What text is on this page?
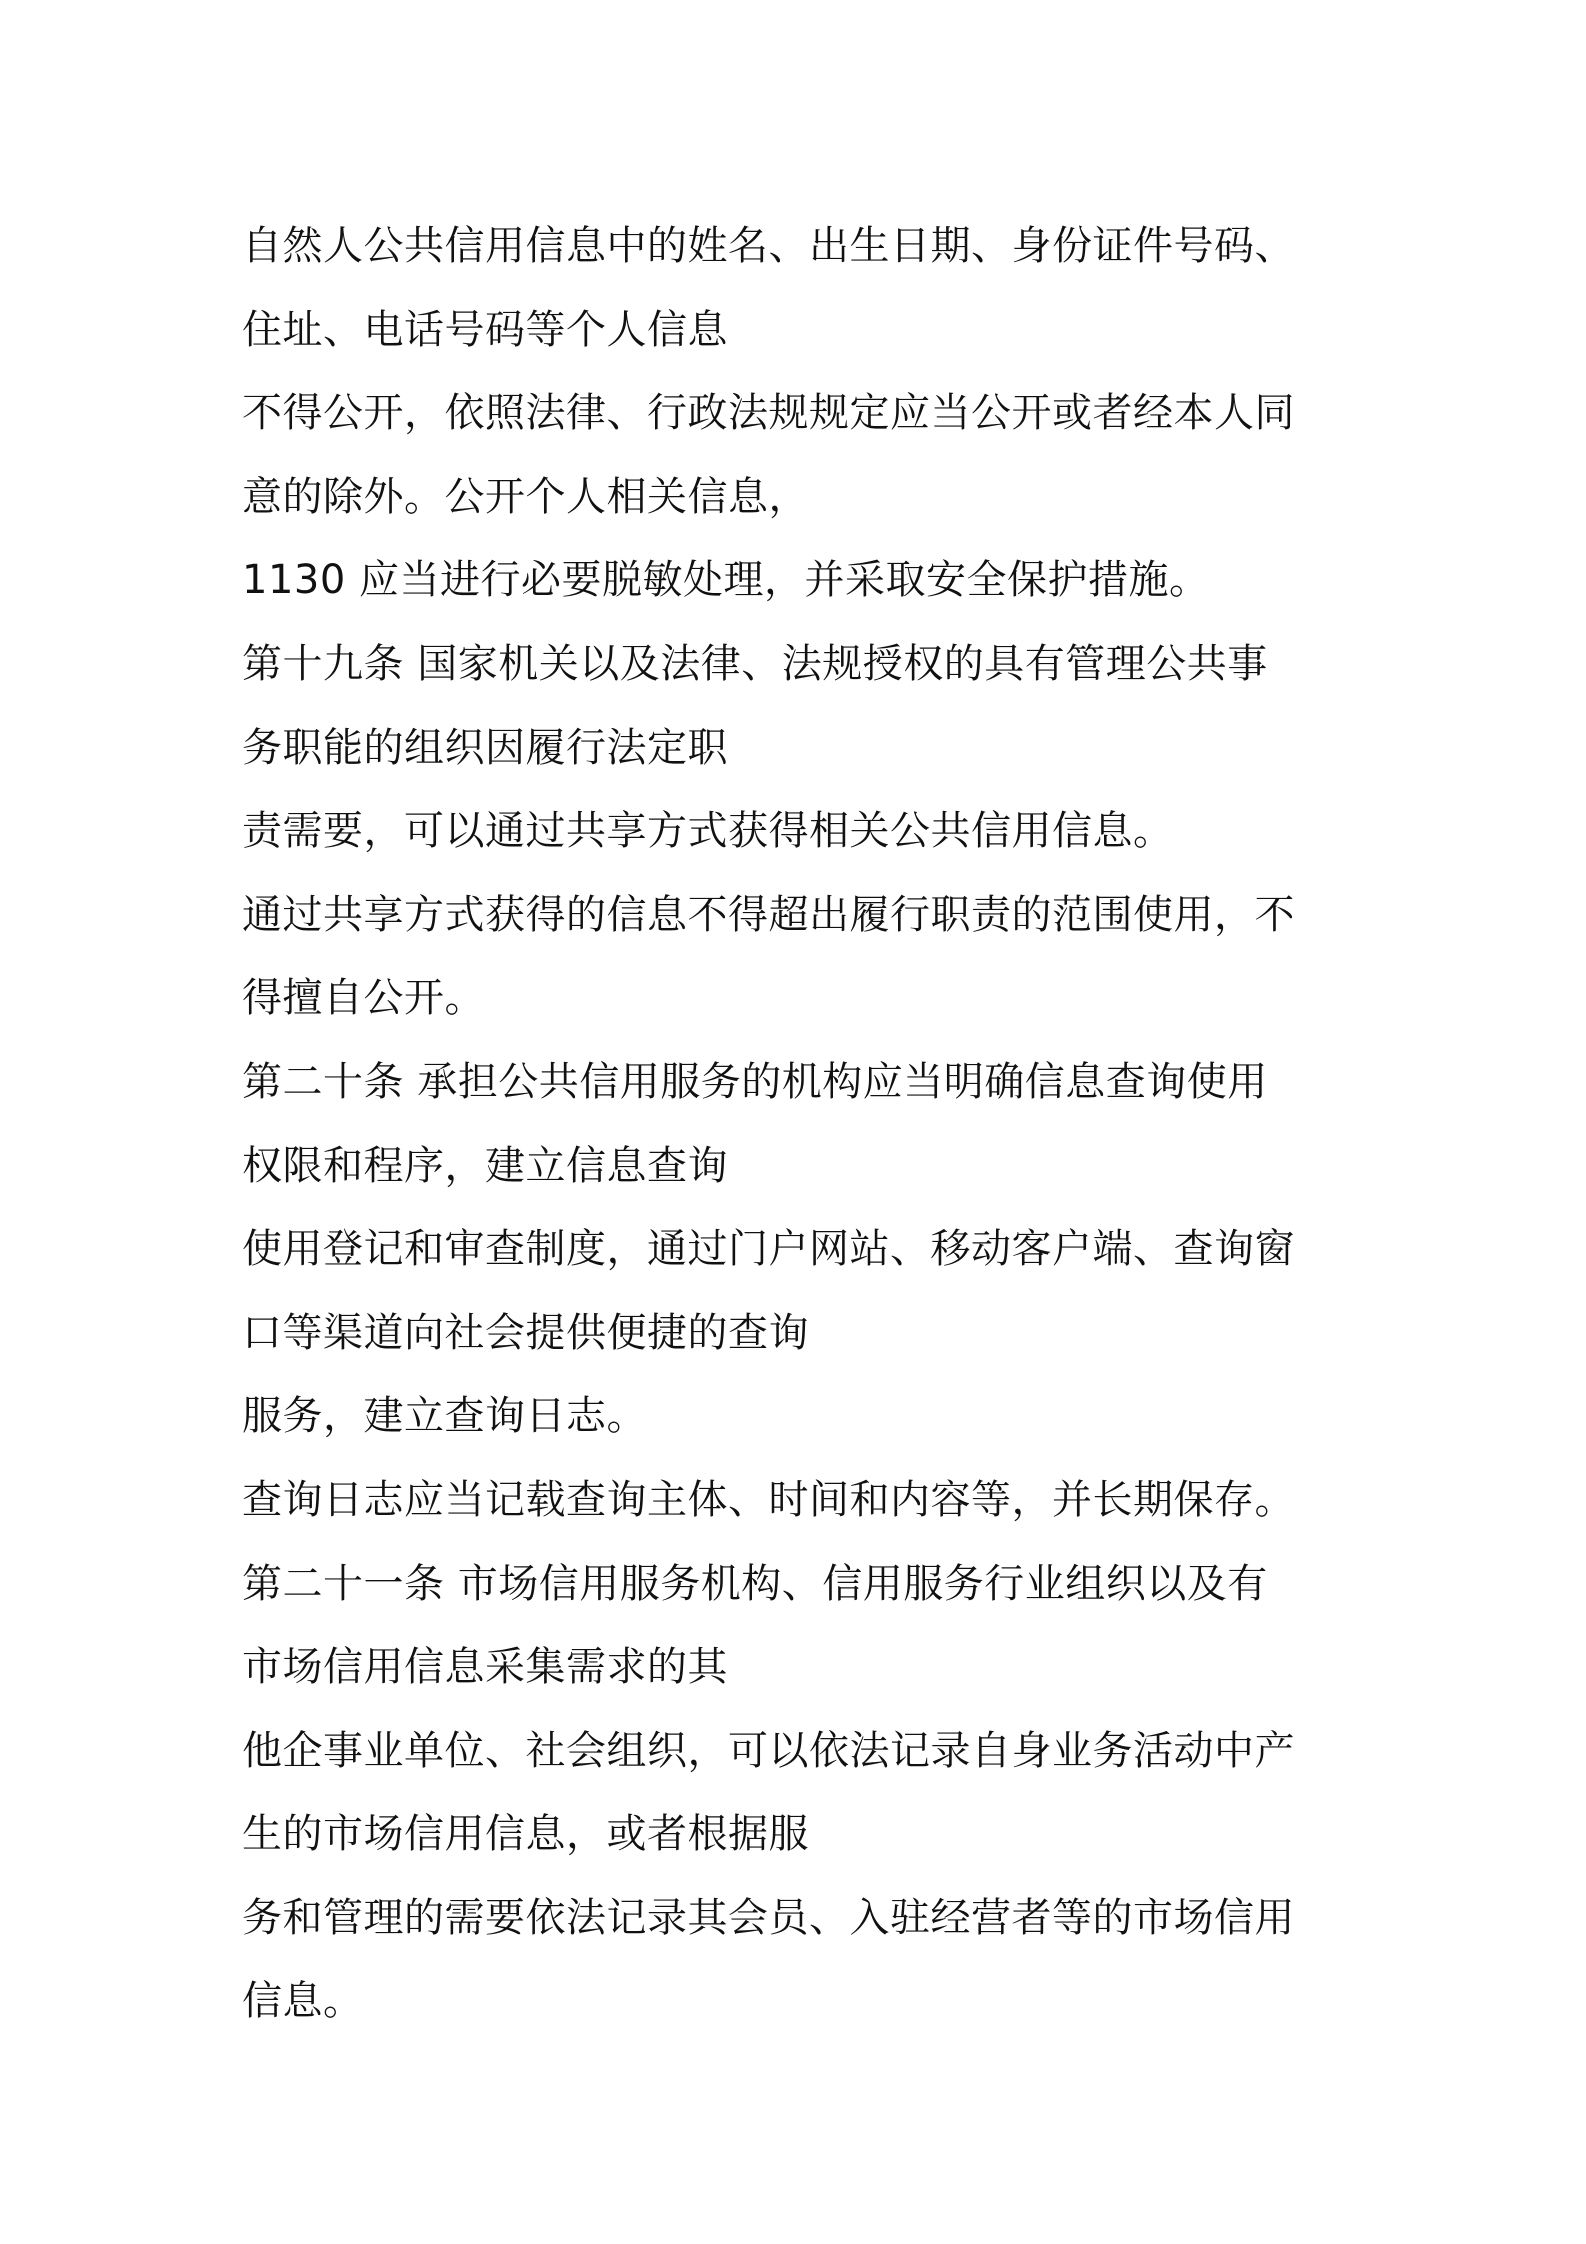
自然人公共信用信息中的姓名、出生日期、身份证件号码、
住址、电话号码等个人信息
不得公开，依照法律、行政法规规定应当公开或者经本人同
意的除外。公开个人相关信息，
1130 应当进行必要脱敏处理，并采取安全保护措施。
第十九条 国家机关以及法律、法规授权的具有管理公共事
务职能的组织因履行法定职
责需要，可以通过共享方式获得相关公共信用信息。
通过共享方式获得的信息不得超出履行职责的范围使用，不
得擅自公开。
第二十条 承担公共信用服务的机构应当明确信息查询使用
权限和程序，建立信息查询
使用登记和审查制度，通过门户网站、移动客户端、查询窗
口等渠道向社会提供便捷的查询
服务，建立查询日志。
查询日志应当记载查询主体、时间和内容等，并长期保存。
第二十一条 市场信用服务机构、信用服务行业组织以及有
市场信用信息采集需求的其
他企事业单位、社会组织，可以依法记录自身业务活动中产
生的市场信用信息，或者根据服
务和管理的需要依法记录其会员、入驻经营者等的市场信用
信息。
